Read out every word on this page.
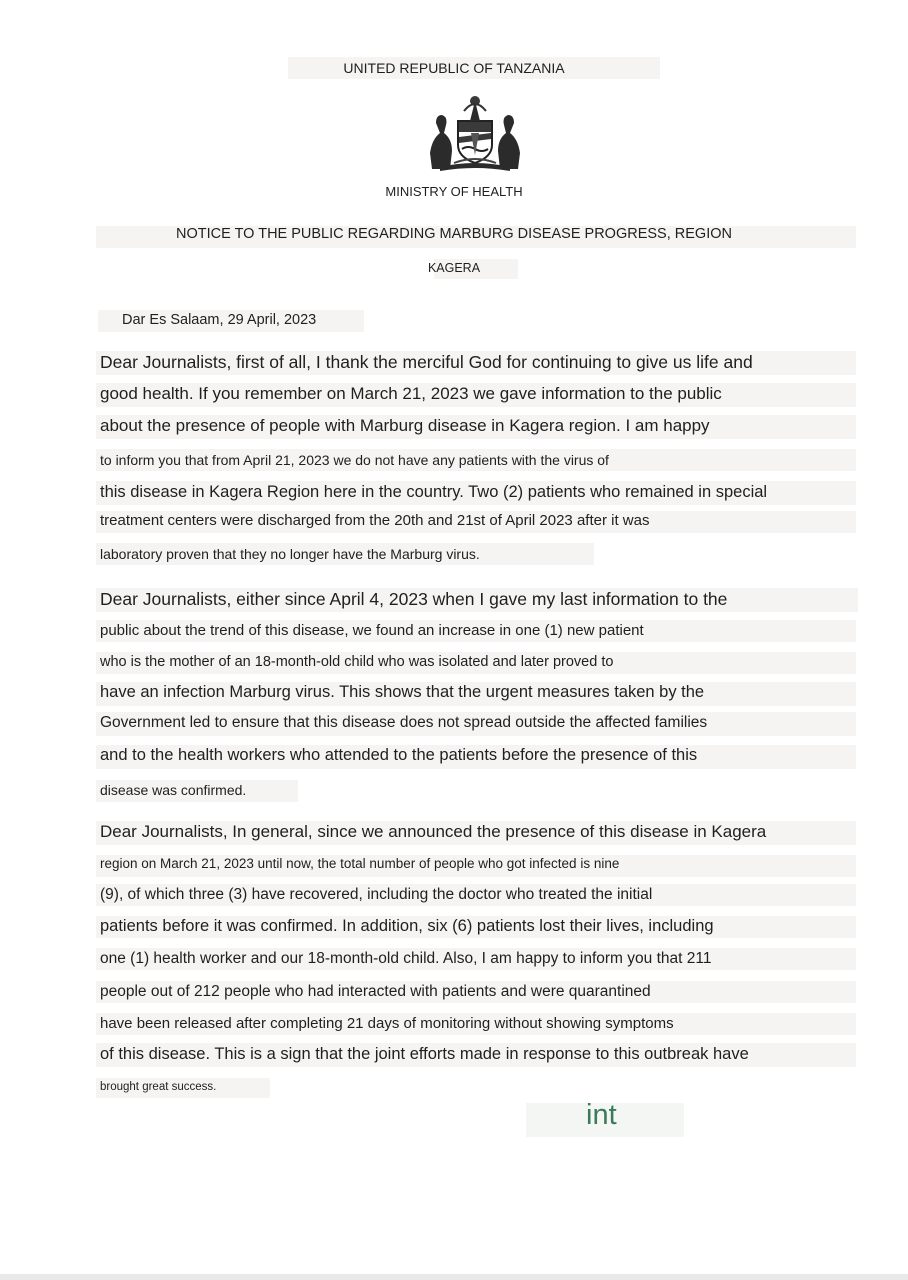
UNITED REPUBLIC OF TANZANIA
MINISTRY OF HEALTH
NOTICE TO THE PUBLIC REGARDING MARBURG DISEASE PROGRESS, REGION
KAGERA
Dar Es Salaam, 29 April, 2023
Dear Journalists, first of all, I thank the merciful God for continuing to give us life and
good health. If you remember on March 21, 2023 we gave information to the public
about the presence of people with Marburg disease in Kagera region. I am happy
to inform you that from April 21, 2023 we do not have any patients with the virus of
this disease in Kagera Region here in the country. Two (2) patients who remained in special
treatment centers were discharged from the 20th and 21st of April 2023 after it was
laboratory proven that they no longer have the Marburg virus.
Dear Journalists, either since April 4, 2023 when I gave my last information to the
public about the trend of this disease, we found an increase in one (1) new patient
who is the mother of an 18-month-old child who was isolated and later proved to
have an infection Marburg virus. This shows that the urgent measures taken by the
Government led to ensure that this disease does not spread outside the affected families
and to the health workers who attended to the patients before the presence of this
disease was confirmed.
Dear Journalists, In general, since we announced the presence of this disease in Kagera
region on March 21, 2023 until now, the total number of people who got infected is nine
(9), of which three (3) have recovered, including the doctor who treated the initial
patients before it was confirmed. In addition, six (6) patients lost their lives, including
one (1) health worker and our 18-month-old child. Also, I am happy to inform you that 211
people out of 212 people who had interacted with patients and were quarantined
have been released after completing 21 days of monitoring without showing symptoms
of this disease. This is a sign that the joint efforts made in response to this outbreak have
brought great success.
int
